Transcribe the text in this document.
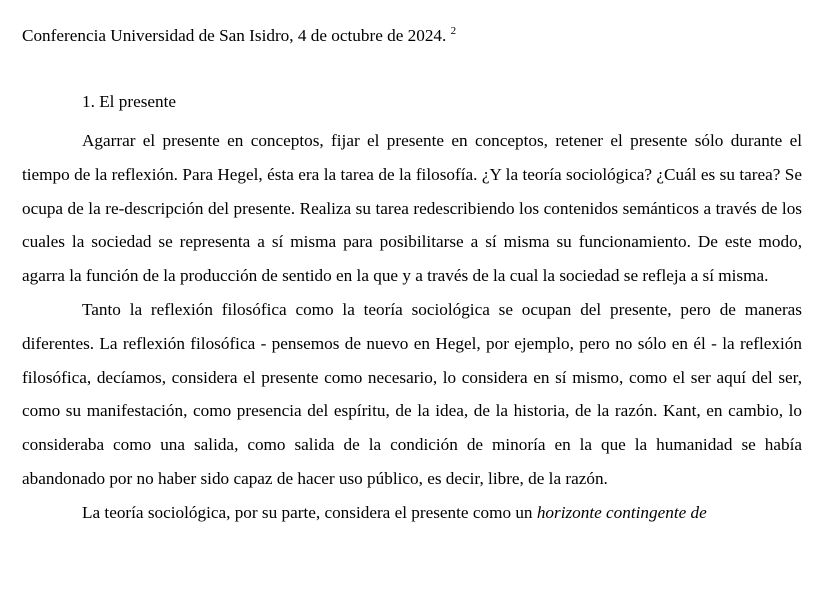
Conferencia Universidad de San Isidro, 4 de octubre de 2024. $^2$
1. El presente

Agarrar el presente en conceptos, fijar el presente en conceptos, retener el presente sólo durante el tiempo de la reflexión. Para Hegel, ésta era la tarea de la filosofía. ¿Y la teoría sociológica? ¿Cuál es su tarea? Se ocupa de la re-descripción del presente. Realiza su tarea redescribiendo los contenidos semánticos a través de los cuales la sociedad se representa a sí misma para posibilitarse a sí misma su funcionamiento. De este modo, agarra la función de la producción de sentido en la que y a través de la cual la sociedad se refleja a sí misma.

Tanto la reflexión filosófica como la teoría sociológica se ocupan del presente, pero de maneras diferentes. La reflexión filosófica - pensemos de nuevo en Hegel, por ejemplo, pero no sólo en él - la reflexión filosófica, decíamos, considera el presente como necesario, lo considera en sí mismo, como el ser aquí del ser, como su manifestación, como presencia del espíritu, de la idea, de la historia, de la razón. Kant, en cambio, lo consideraba como una salida, como salida de la condición de minoría en la que la humanidad se había abandonado por no haber sido capaz de hacer uso público, es decir, libre, de la razón.

La teoría sociológica, por su parte, considera el presente como un horizonte contingente de
